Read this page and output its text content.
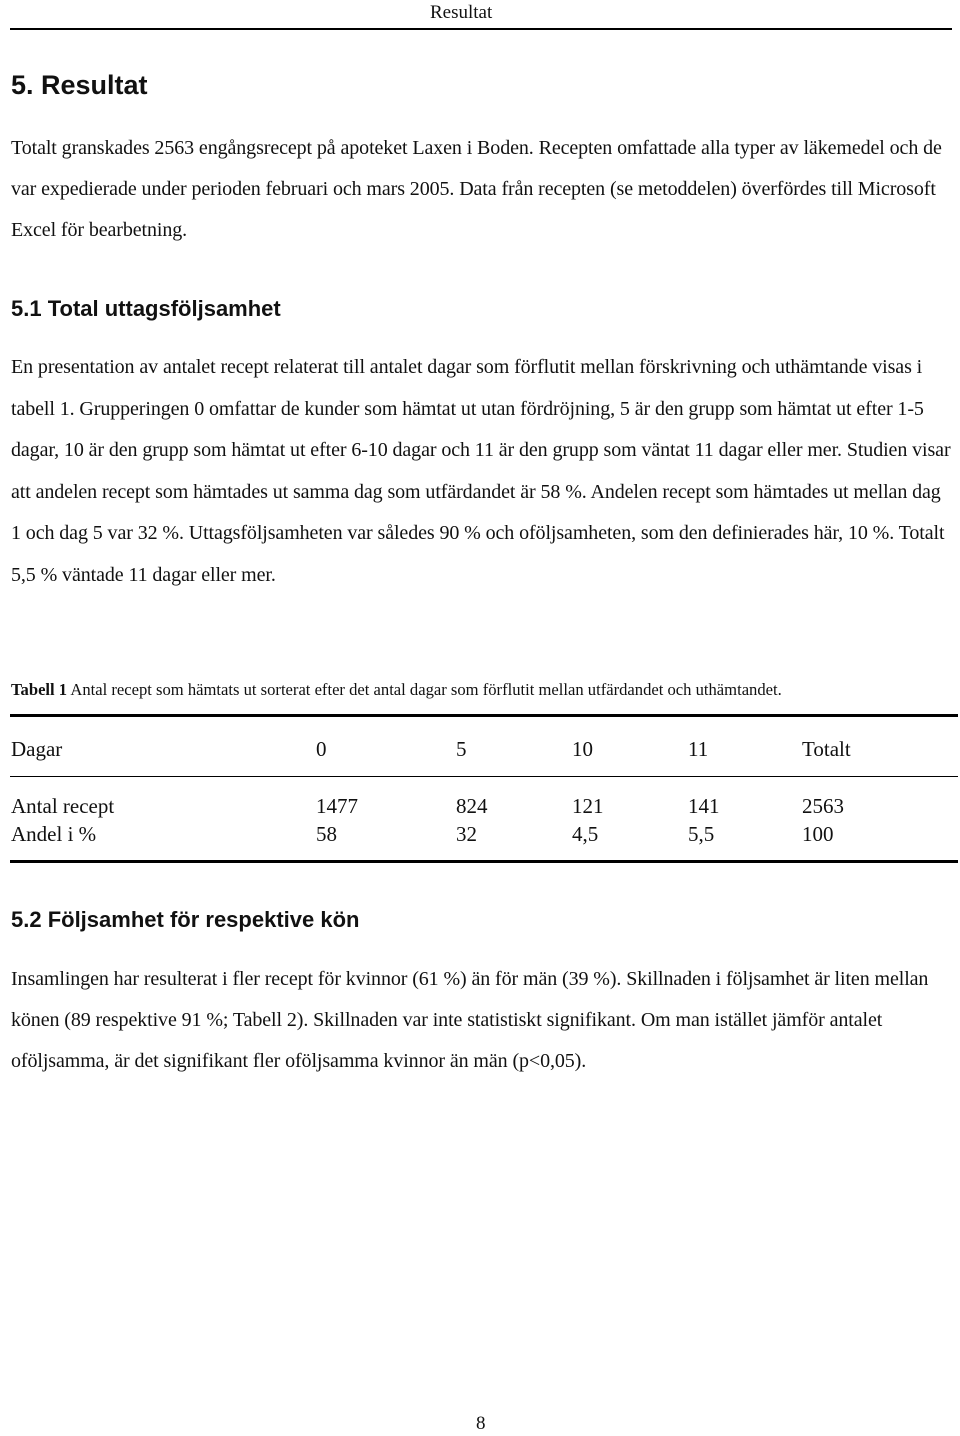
Resultat
5. Resultat

Totalt granskades 2563 engångsrecept på apoteket Laxen i Boden. Recepten omfattade alla typer av läkemedel och de var expedierade under perioden februari och mars 2005. Data från recepten (se metoddelen) överfördes till Microsoft Excel för bearbetning.

5.1 Total uttagsföljsamhet

En presentation av antalet recept relaterat till antalet dagar som förflutit mellan förskrivning och uthämtande visas i tabell 1. Grupperingen 0 omfattar de kunder som hämtat ut utan fördröjning, 5 är den grupp som hämtat ut efter 1-5 dagar, 10 är den grupp som hämtat ut efter 6-10 dagar och 11 är den grupp som väntat 11 dagar eller mer. Studien visar att andelen recept som hämtades ut samma dag som utfärdandet är 58 %. Andelen recept som hämtades ut mellan dag 1 och dag 5 var 32 %. Uttagsföljsamheten var således 90 % och oföljsamheten, som den definierades här, 10 %. Totalt 5,5 % väntade 11 dagar eller mer.

Tabell 1 Antal recept som hämtats ut sorterat efter det antal dagar som förflutit mellan utfärdandet och uthämtandet.
Dagar	0	5	10	11	Totalt
Antal recept	1477	824	121	141	2563
Andel i %	58	32	4,5	5,5	100
5.2 Följsamhet för respektive kön

Insamlingen har resulterat i fler recept för kvinnor (61 %) än för män (39 %). Skillnaden i följsamhet är liten mellan könen (89 respektive 91 %; Tabell 2). Skillnaden var inte statistiskt signifikant. Om man istället jämför antalet oföljsamma, är det signifikant fler oföljsamma kvinnor än män (p<0,05).

8
